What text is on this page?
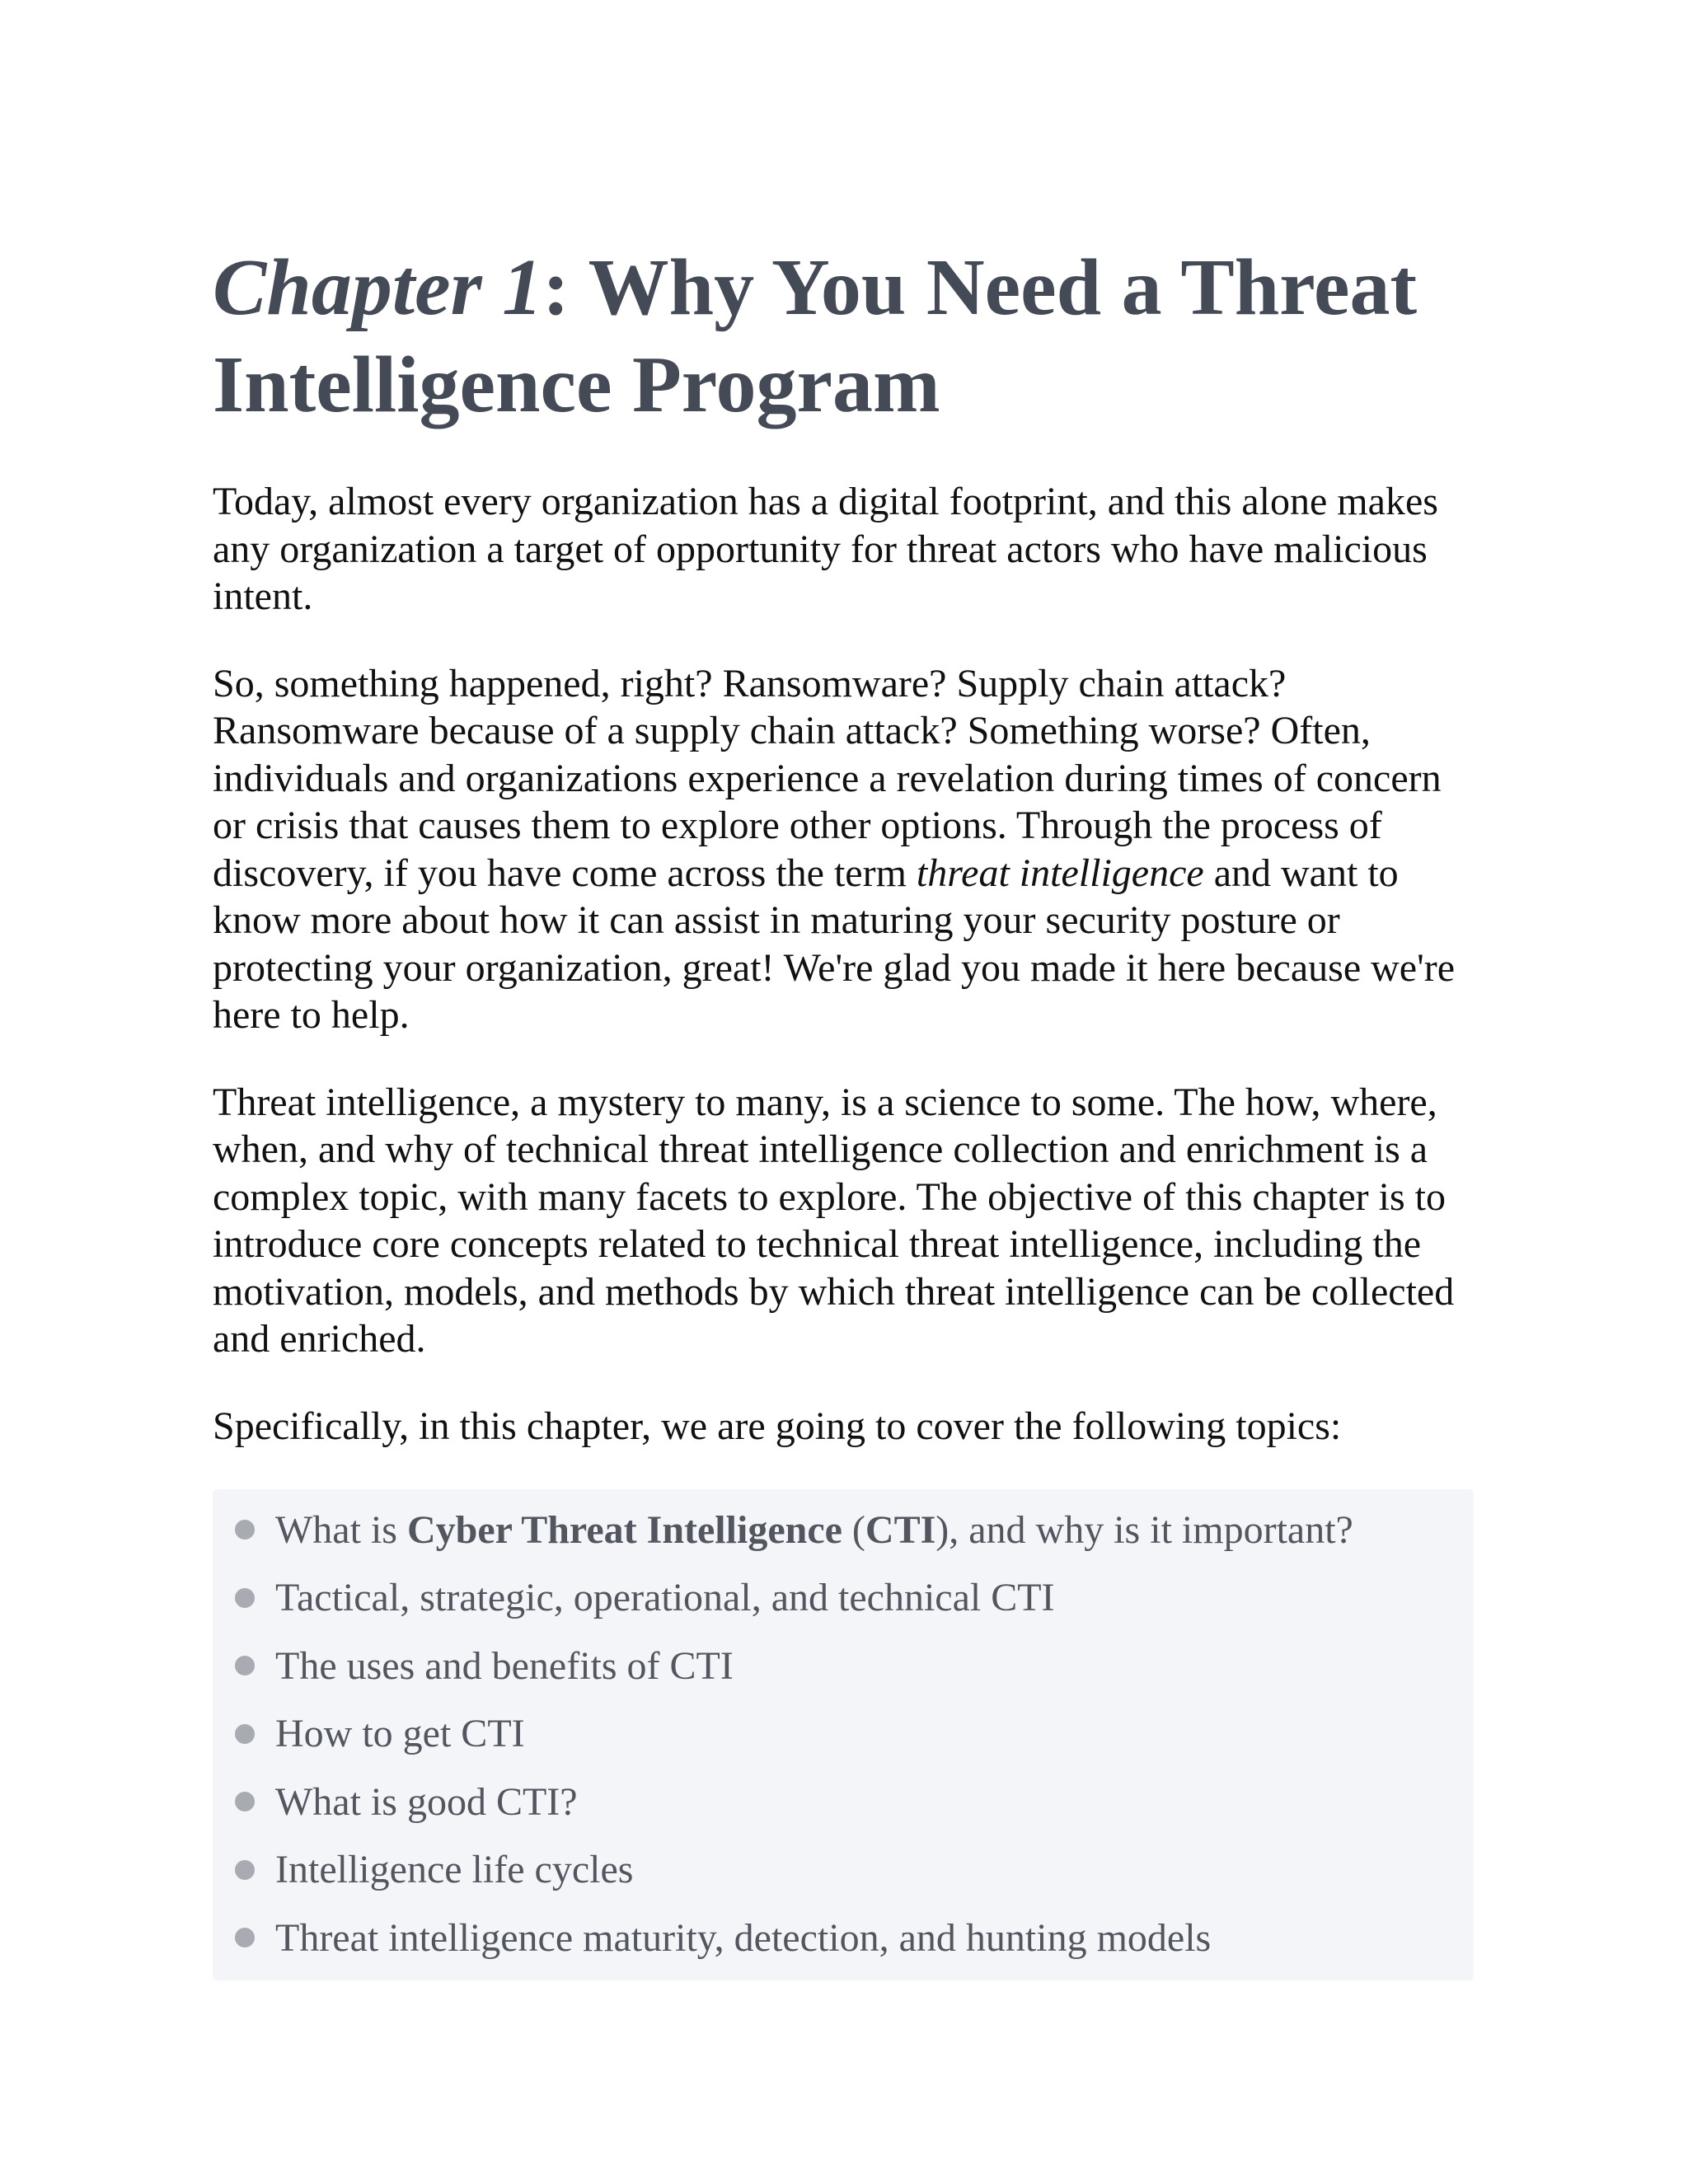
Chapter 1: Why You Need a Threat Intelligence Program

Today, almost every organization has a digital footprint, and this alone makes any organization a target of opportunity for threat actors who have malicious intent.

So, something happened, right? Ransomware? Supply chain attack? Ransomware because of a supply chain attack? Something worse? Often, individuals and organizations experience a revelation during times of concern or crisis that causes them to explore other options. Through the process of discovery, if you have come across the term threat intelligence and want to know more about how it can assist in maturing your security posture or protecting your organization, great! We're glad you made it here because we're here to help.

Threat intelligence, a mystery to many, is a science to some. The how, where, when, and why of technical threat intelligence collection and enrichment is a complex topic, with many facets to explore. The objective of this chapter is to introduce core concepts related to technical threat intelligence, including the motivation, models, and methods by which threat intelligence can be collected and enriched.

Specifically, in this chapter, we are going to cover the following topics:

What is Cyber Threat Intelligence (CTI), and why is it important?
Tactical, strategic, operational, and technical CTI
The uses and benefits of CTI
How to get CTI
What is good CTI?
Intelligence life cycles
Threat intelligence maturity, detection, and hunting models
